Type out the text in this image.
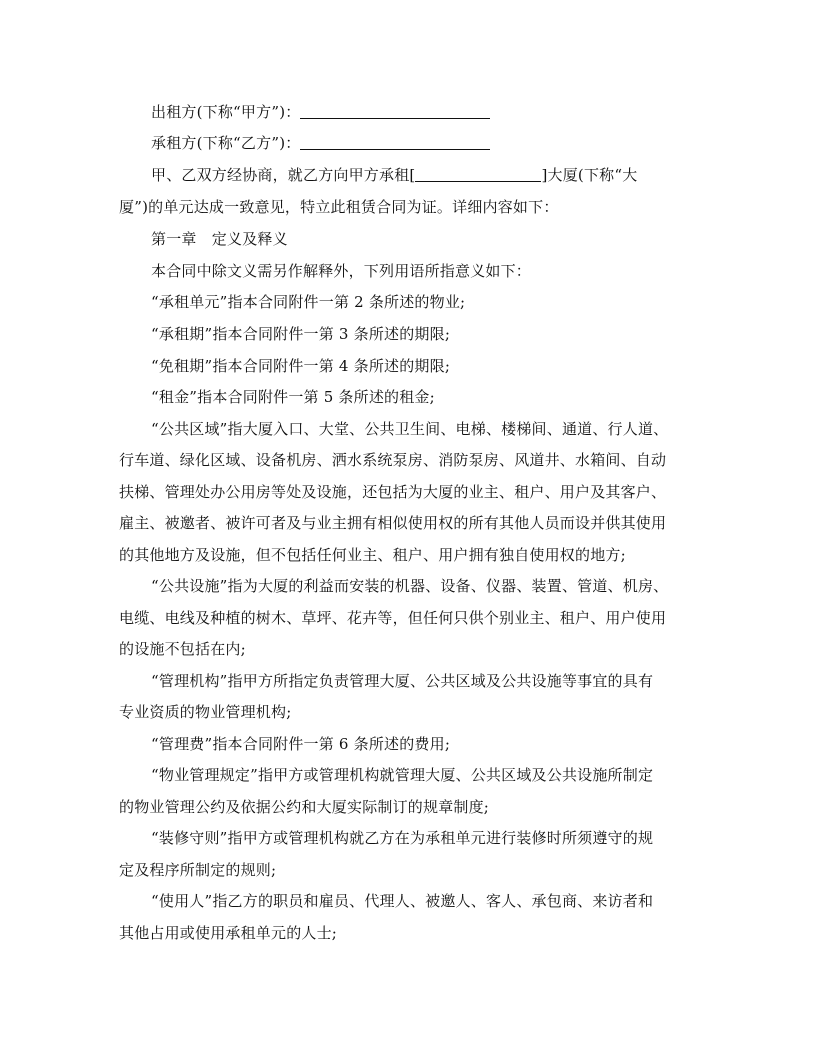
出租方(下称“甲方”)：
承租方(下称“乙方”)：
甲、乙双方经协商，就乙方向甲方承租[	]大厦(下称“大
厦”)的单元达成一致意见，特立此租赁合同为证。详细内容如下：
第一章　定义及释义
本合同中除文义需另作解释外，下列用语所指意义如下：
“承租单元”指本合同附件一第 2 条所述的物业;
“承租期”指本合同附件一第 3 条所述的期限;
“免租期”指本合同附件一第 4 条所述的期限;
“租金”指本合同附件一第 5 条所述的租金;
“公共区域”指大厦入口、大堂、公共卫生间、电梯、楼梯间、通道、行人道、
行车道、绿化区域、设备机房、洒水系统泵房、消防泵房、风道井、水箱间、自动
扶梯、管理处办公用房等处及设施，还包括为大厦的业主、租户、用户及其客户、
雇主、被邀者、被许可者及与业主拥有相似使用权的所有其他人员而设并供其使用
的其他地方及设施，但不包括任何业主、租户、用户拥有独自使用权的地方;
“公共设施”指为大厦的利益而安装的机器、设备、仪器、装置、管道、机房、
电缆、电线及种植的树木、草坪、花卉等，但任何只供个别业主、租户、用户使用
的设施不包括在内;
“管理机构”指甲方所指定负责管理大厦、公共区域及公共设施等事宜的具有
专业资质的物业管理机构;
“管理费”指本合同附件一第 6 条所述的费用;
“物业管理规定”指甲方或管理机构就管理大厦、公共区域及公共设施所制定
的物业管理公约及依据公约和大厦实际制订的规章制度;
“装修守则”指甲方或管理机构就乙方在为承租单元进行装修时所须遵守的规
定及程序所制定的规则;
“使用人”指乙方的职员和雇员、代理人、被邀人、客人、承包商、来访者和
其他占用或使用承租单元的人士;
